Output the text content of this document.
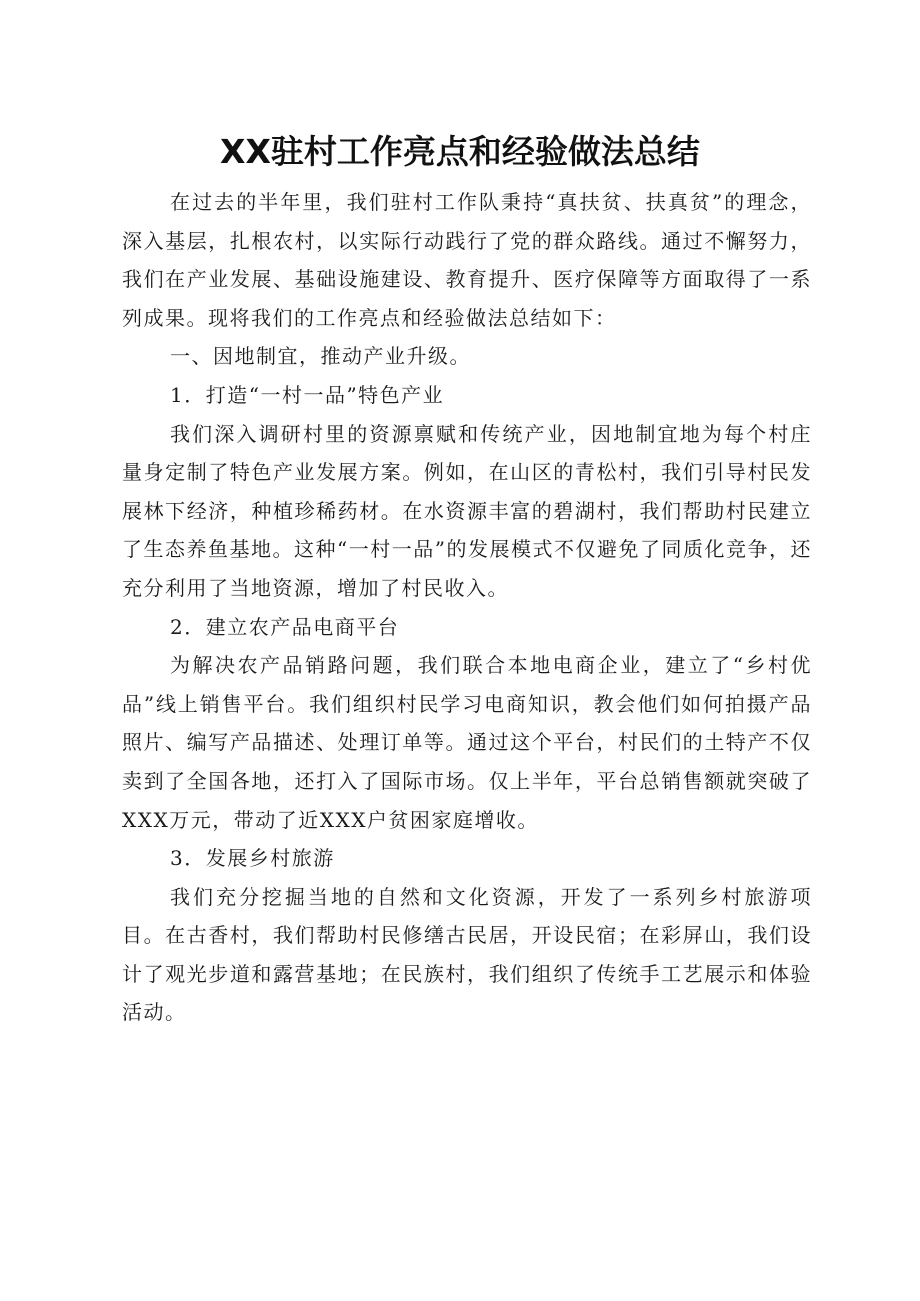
XX驻村工作亮点和经验做法总结

在过去的半年里，我们驻村工作队秉持“真扶贫、扶真贫”的理念，深入基层，扎根农村，以实际行动践行了党的群众路线。通过不懈努力，我们在产业发展、基础设施建设、教育提升、医疗保障等方面取得了一系列成果。现将我们的工作亮点和经验做法总结如下：

一、因地制宜，推动产业升级。

1．打造“一村一品”特色产业

我们深入调研村里的资源禀赋和传统产业，因地制宜地为每个村庄量身定制了特色产业发展方案。例如，在山区的青松村，我们引导村民发展林下经济，种植珍稀药材。在水资源丰富的碧湖村，我们帮助村民建立了生态养鱼基地。这种“一村一品”的发展模式不仅避免了同质化竞争，还充分利用了当地资源，增加了村民收入。

2．建立农产品电商平台

为解决农产品销路问题，我们联合本地电商企业，建立了“乡村优品”线上销售平台。我们组织村民学习电商知识，教会他们如何拍摄产品照片、编写产品描述、处理订单等。通过这个平台，村民们的土特产不仅卖到了全国各地，还打入了国际市场。仅上半年，平台总销售额就突破了XXX万元，带动了近XXX户贫困家庭增收。

3．发展乡村旅游

我们充分挖掘当地的自然和文化资源，开发了一系列乡村旅游项目。在古香村，我们帮助村民修缮古民居，开设民宿；在彩屏山，我们设计了观光步道和露营基地；在民族村，我们组织了传统手工艺展示和体验活动。
